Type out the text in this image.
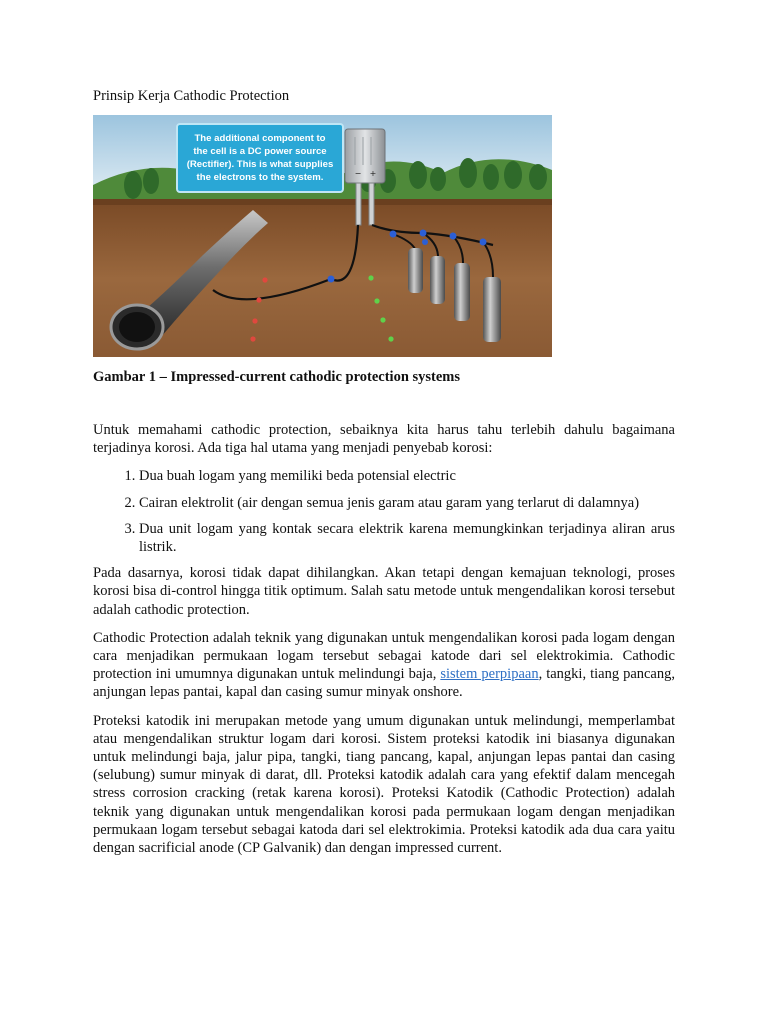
Prinsip Kerja Cathodic Protection
The additional component to
the cell is a DC power source
(Rectifier). This is what supplies
the electrons to the system.	− +

Gambar 1 – Impressed-current cathodic protection systems

Untuk memahami cathodic protection, sebaiknya kita harus tahu terlebih dahulu bagaimana terjadinya korosi. Ada tiga hal utama yang menjadi penyebab korosi:

1. Dua buah logam yang memiliki beda potensial electric
2. Cairan elektrolit (air dengan semua jenis garam atau garam yang terlarut di dalamnya)
3. Dua unit logam yang kontak secara elektrik karena memungkinkan terjadinya aliran arus listrik.

Pada dasarnya, korosi tidak dapat dihilangkan. Akan tetapi dengan kemajuan teknologi, proses korosi bisa di-control hingga titik optimum. Salah satu metode untuk mengendalikan korosi tersebut adalah cathodic protection.

Cathodic Protection adalah teknik yang digunakan untuk mengendalikan korosi pada logam dengan cara menjadikan permukaan logam tersebut sebagai katode dari sel elektrokimia. Cathodic protection ini umumnya digunakan untuk melindungi baja, sistem perpipaan, tangki, tiang pancang, anjungan lepas pantai, kapal dan casing sumur minyak onshore.

Proteksi katodik ini merupakan metode yang umum digunakan untuk melindungi, memperlambat atau mengendalikan struktur logam dari korosi. Sistem proteksi katodik ini biasanya digunakan untuk melindungi baja, jalur pipa, tangki, tiang pancang, kapal, anjungan lepas pantai dan casing (selubung) sumur minyak di darat, dll. Proteksi katodik adalah cara yang efektif dalam mencegah stress corrosion cracking (retak karena korosi). Proteksi Katodik (Cathodic Protection) adalah teknik yang digunakan untuk mengendalikan korosi pada permukaan logam dengan menjadikan permukaan logam tersebut sebagai katoda dari sel elektrokimia. Proteksi katodik ada dua cara yaitu dengan sacrificial anode (CP Galvanik) dan dengan impressed current.
